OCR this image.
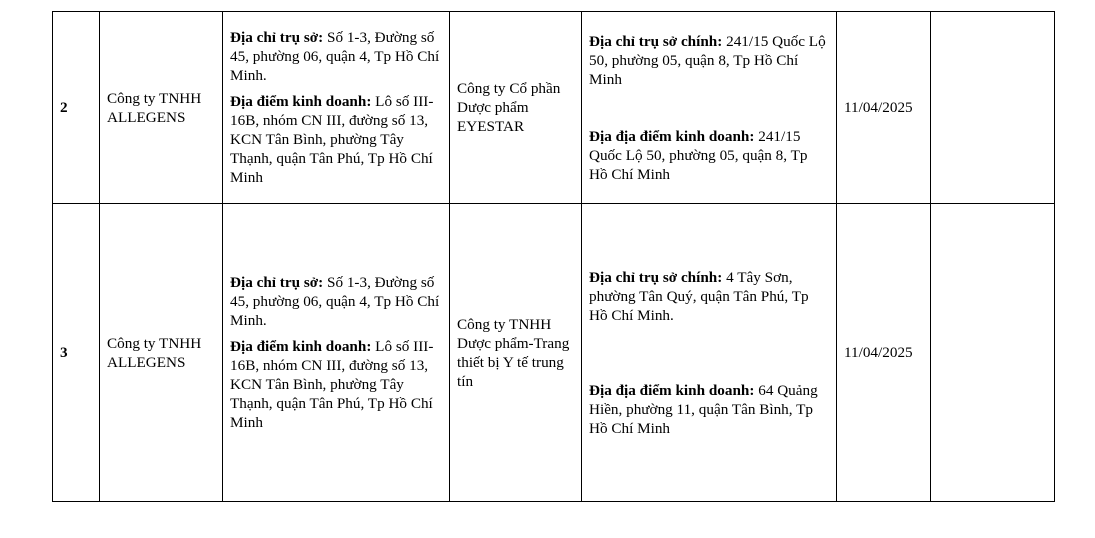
2	Công ty TNHH ALLEGENS	Địa chỉ trụ sở: Số 1-3, Đường số 45, phường 06, quận 4, Tp Hồ Chí Minh.
Địa điểm kinh doanh: Lô số III-16B, nhóm CN III, đường số 13, KCN Tân Bình, phường Tây Thạnh, quận Tân Phú, Tp Hồ Chí Minh	Công ty Cổ phần Dược phẩm EYESTAR	Địa chỉ trụ sở chính: 241/15 Quốc Lộ 50, phường 05, quận 8, Tp Hồ Chí Minh
Địa địa điểm kinh doanh: 241/15 Quốc Lộ 50, phường 05, quận 8, Tp Hồ Chí Minh	11/04/2025	
3	Công ty TNHH ALLEGENS	Địa chỉ trụ sở: Số 1-3, Đường số 45, phường 06, quận 4, Tp Hồ Chí Minh.
Địa điểm kinh doanh: Lô số III-16B, nhóm CN III, đường số 13, KCN Tân Bình, phường Tây Thạnh, quận Tân Phú, Tp Hồ Chí Minh	Công ty TNHH Dược phẩm-Trang thiết bị Y tế trung tín	Địa chỉ trụ sở chính: 4 Tây Sơn, phường Tân Quý, quận Tân Phú, Tp Hồ Chí Minh.
Địa địa điểm kinh doanh: 64 Quảng Hiền, phường 11, quận Tân Bình, Tp Hồ Chí Minh	11/04/2025	
